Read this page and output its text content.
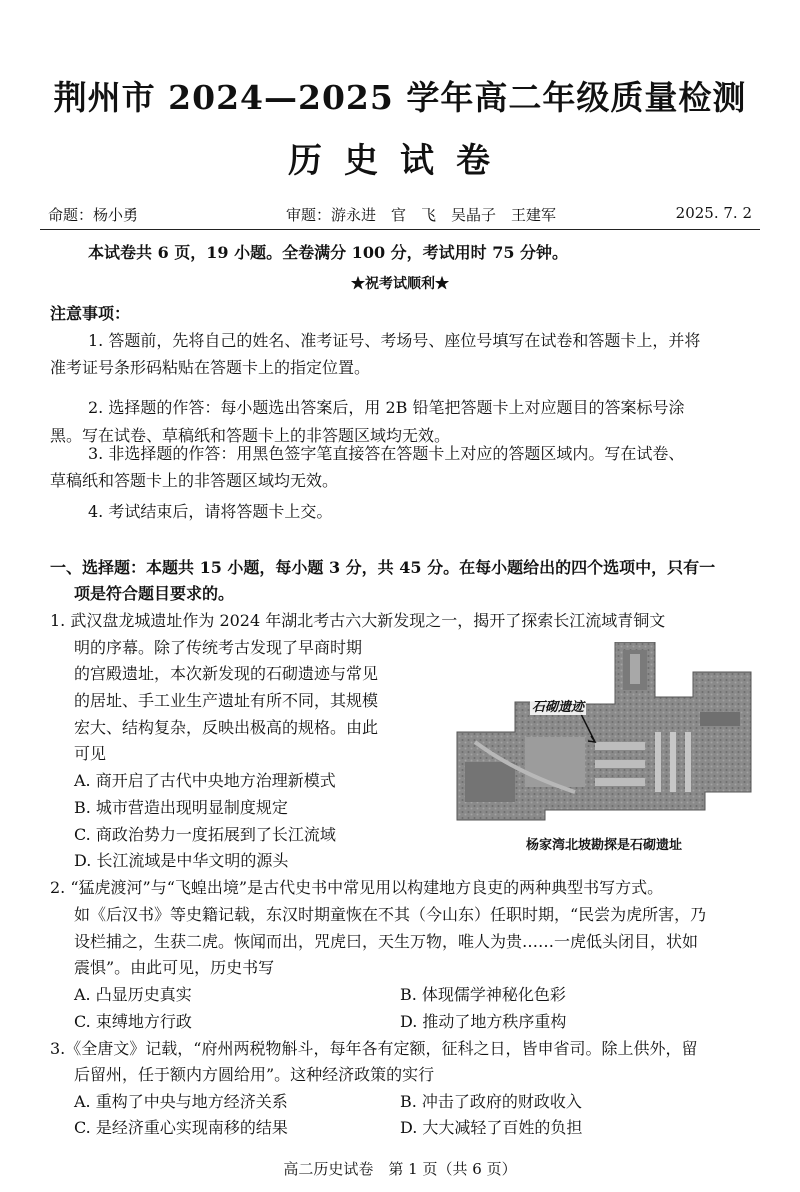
荆州市 2024—2025 学年高二年级质量检测
历史试卷
命题：杨小勇	审题：游永进　官　飞　吴晶子　王建军	2025. 7. 2

本试卷共 6 页，19 小题。全卷满分 100 分，考试用时 75 分钟。

★祝考试顺利★

注意事项：

1. 答题前，先将自己的姓名、准考证号、考场号、座位号填写在试卷和答题卡上，并将

准考证号条形码粘贴在答题卡上的指定位置。

2. 选择题的作答：每小题选出答案后，用 2B 铅笔把答题卡上对应题目的答案标号涂

黑。写在试卷、草稿纸和答题卡上的非答题区域均无效。

3. 非选择题的作答：用黑色签字笔直接答在答题卡上对应的答题区域内。写在试卷、

草稿纸和答题卡上的非答题区域均无效。

4. 考试结束后，请将答题卡上交。

一、选择题：本题共 15 小题，每小题 3 分，共 45 分。在每小题给出的四个选项中，只有一

项是符合题目要求的。

1. 武汉盘龙城遗址作为 2024 年湖北考古六大新发现之一，揭开了探索长江流域青铜文

明的序幕。除了传统考古发现了早商时期

的宫殿遗址，本次新发现的石砌遗迹与常见

的居址、手工业生产遗址有所不同，其规模

宏大、结构复杂，反映出极高的规格。由此

可见

A. 商开启了古代中央地方治理新模式

B. 城市营造出现明显制度规定

C. 商政治势力一度拓展到了长江流域

D. 长江流域是中华文明的源头

石砌遗迹
杨家湾北坡勘探是石砌遗址

2. “猛虎渡河”与“飞蝗出境”是古代史书中常见用以构建地方良吏的两种典型书写方式。

如《后汉书》等史籍记载，东汉时期童恢在不其（今山东）任职时期，“民尝为虎所害，乃

设栏捕之，生获二虎。恢闻而出，咒虎曰，天生万物，唯人为贵……一虎低头闭目，状如

震惧”。由此可见，历史书写

A. 凸显历史真实	B. 体现儒学神秘化色彩

C. 束缚地方行政	D. 推动了地方秩序重构

3.《全唐文》记载，“府州两税物斛斗，每年各有定额，征科之日，皆申省司。除上供外，留

后留州，任于额内方圆给用”。这种经济政策的实行

A. 重构了中央与地方经济关系	B. 冲击了政府的财政收入

C. 是经济重心实现南移的结果	D. 大大减轻了百姓的负担

高二历史试卷　第 1 页（共 6 页）
